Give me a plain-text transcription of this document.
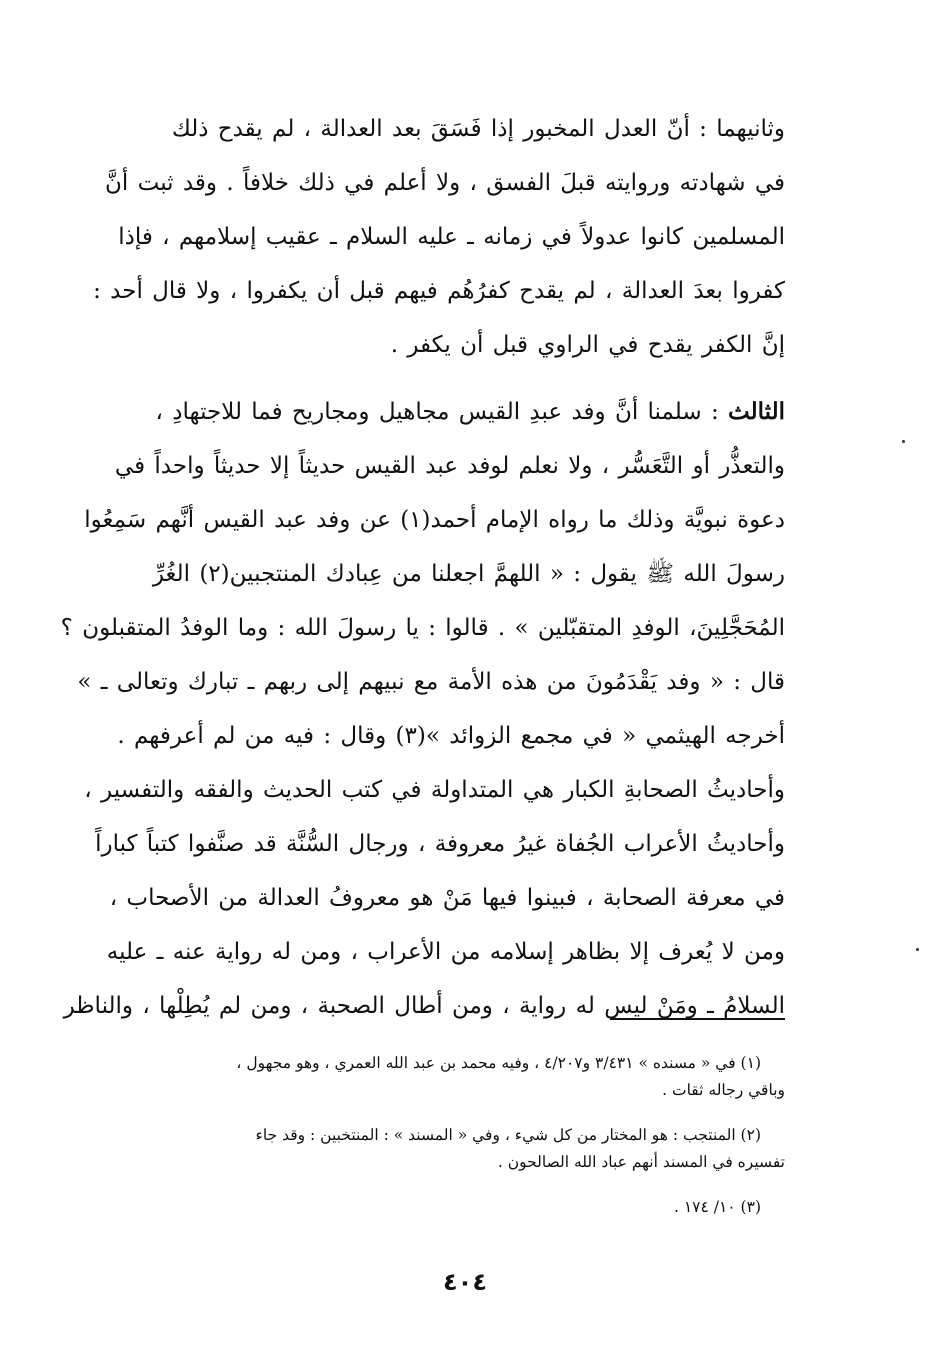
وثانيهما : أنّ العدل المخبور إذا فَسَقَ بعد العدالة ، لم يقدح ذلك
في شهادته وروايته قبلَ الفسق ، ولا أعلم في ذلك خلافاً . وقد ثبت أنَّ
المسلمين كانوا عدولاً في زمانه ـ عليه السلام ـ عقيب إسلامهم ، فإذا
كفروا بعدَ العدالة ، لم يقدح كفرُهُم فيهم قبل أن يكفروا ، ولا قال أحد :
إنَّ الكفر يقدح في الراوي قبل أن يكفر .
الثالث : سلمنا أنَّ وفد عبدِ القيس مجاهيل ومجاريح فما للاجتهادِ ،
والتعذُّر أو التَّعَسُّر ، ولا نعلم لوفد عبد القيس حديثاً إلا حديثاً واحداً في
دعوة نبويَّة وذلك ما رواه الإمام أحمد(١) عن وفد عبد القيس أنَّهم سَمِعُوا
رسولَ الله ﷺ يقول : « اللهمَّ اجعلنا من عِبادك المنتجبين(٢) الغُرِّ
المُحَجَّلِينَ، الوفدِ المتقبّلين » . قالوا : يا رسولَ الله : وما الوفدُ المتقبلون ؟
قال : « وفد يَقْدَمُونَ من هذه الأمة مع نبيهم إلى ربهم ـ تبارك وتعالى ـ »
أخرجه الهيثمي « في مجمع الزوائد »(٣) وقال : فيه من لم أعرفهم .
وأحاديثُ الصحابةِ الكبار هي المتداولة في كتب الحديث والفقه والتفسير ،
وأحاديثُ الأعراب الجُفاة غيرُ معروفة ، ورجال السُّنَّة قد صنَّفوا كتباً كباراً
في معرفة الصحابة ، فبينوا فيها مَنْ هو معروفُ العدالة من الأصحاب ،
ومن لا يُعرف إلا بظاهر إسلامه من الأعراب ، ومن له رواية عنه ـ عليه
السلامُ ـ ومَنْ ليس له رواية ، ومن أطال الصحبة ، ومن لم يُطِلْها ، والناظر
(١) في « مسنده » ٣/٤٣١ و٤/٢٠٧ ، وفيه محمد بن عبد الله العمري ، وهو مجهول ،
وباقي رجاله ثقات .
(٢) المنتجب : هو المختار من كل شيء ، وفي « المسند » : المنتخبين : وقد جاء
تفسيره في المسند أنهم عباد الله الصالحون .
(٣) ١٠/ ١٧٤ .
٤٠٤
